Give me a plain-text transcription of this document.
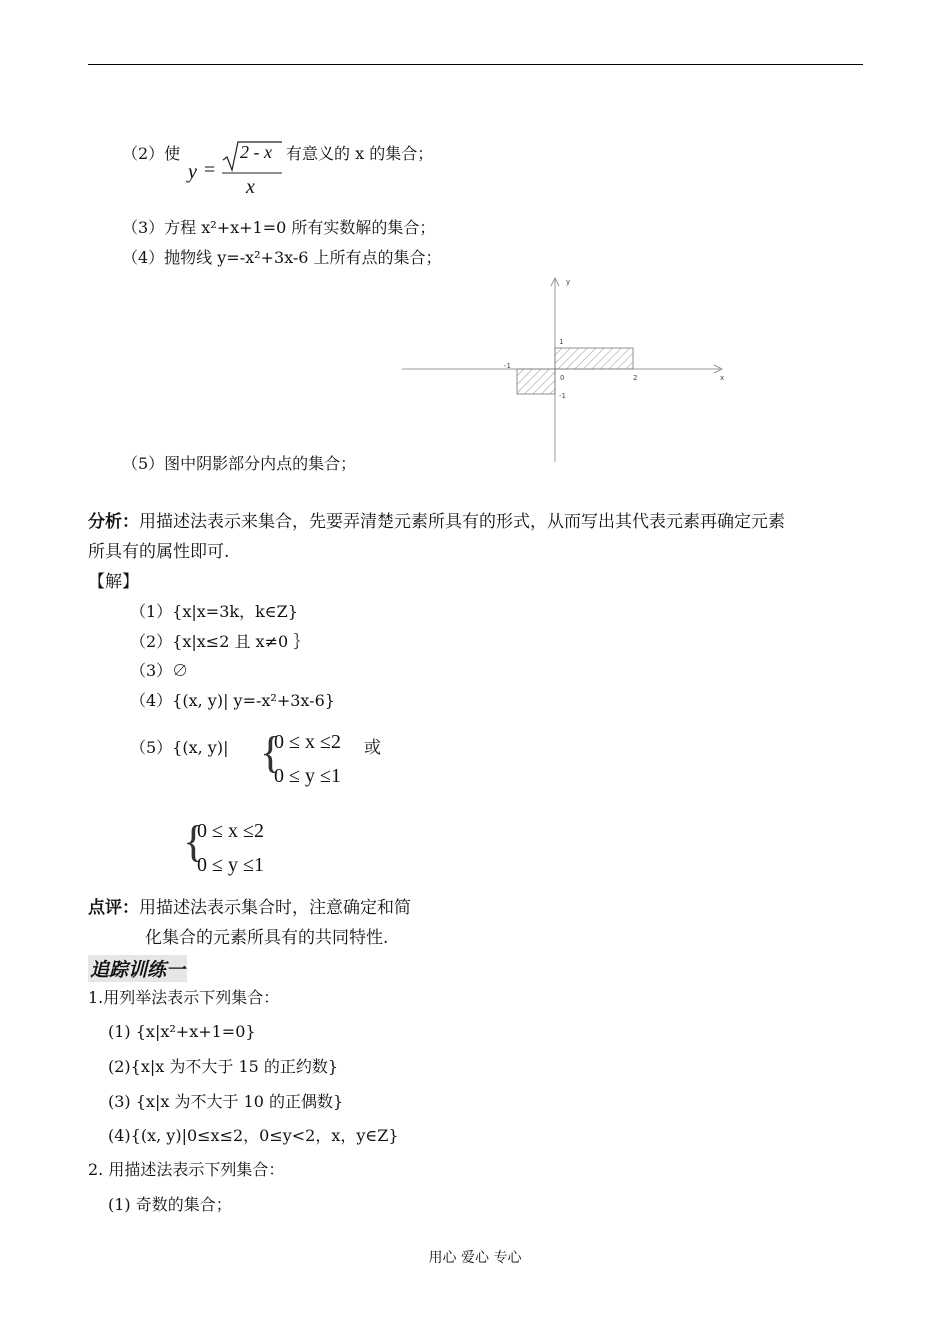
（2）使
y =
2 - x
x
有意义的 x 的集合；
（3）方程 x²+x+1=0 所有实数解的集合；
（4）抛物线 y=-x²+3x-6 上所有点的集合；
y
x
1
-1
0	2
-1
（5）图中阴影部分内点的集合；
分析：用描述法表示来集合，先要弄清楚元素所具有的形式，从而写出其代表元素再确定元素
所具有的属性即可.
【解】
（1）{x|x=3k，k∈Z}
（2）{x|x≤2 且 x≠0 ｝
（3）∅
（4）{(x, y)| y=-x²+3x-6}
（5）{(x, y)| {
0 ≤ x ≤2
0 ≤ y ≤1
或
{
0 ≤ x ≤2
0 ≤ y ≤1
点评：用描述法表示集合时，注意确定和简
化集合的元素所具有的共同特性.
追踪训练一
1.用列举法表示下列集合：
(1) {x|x²+x+1=0}
(2){x|x 为不大于 15 的正约数}
(3) {x|x 为不大于 10 的正偶数}
(4){(x, y)|0≤x≤2，0≤y<2，x，y∈Z}
2. 用描述法表示下列集合：
(1) 奇数的集合；
用心 爱心 专心
